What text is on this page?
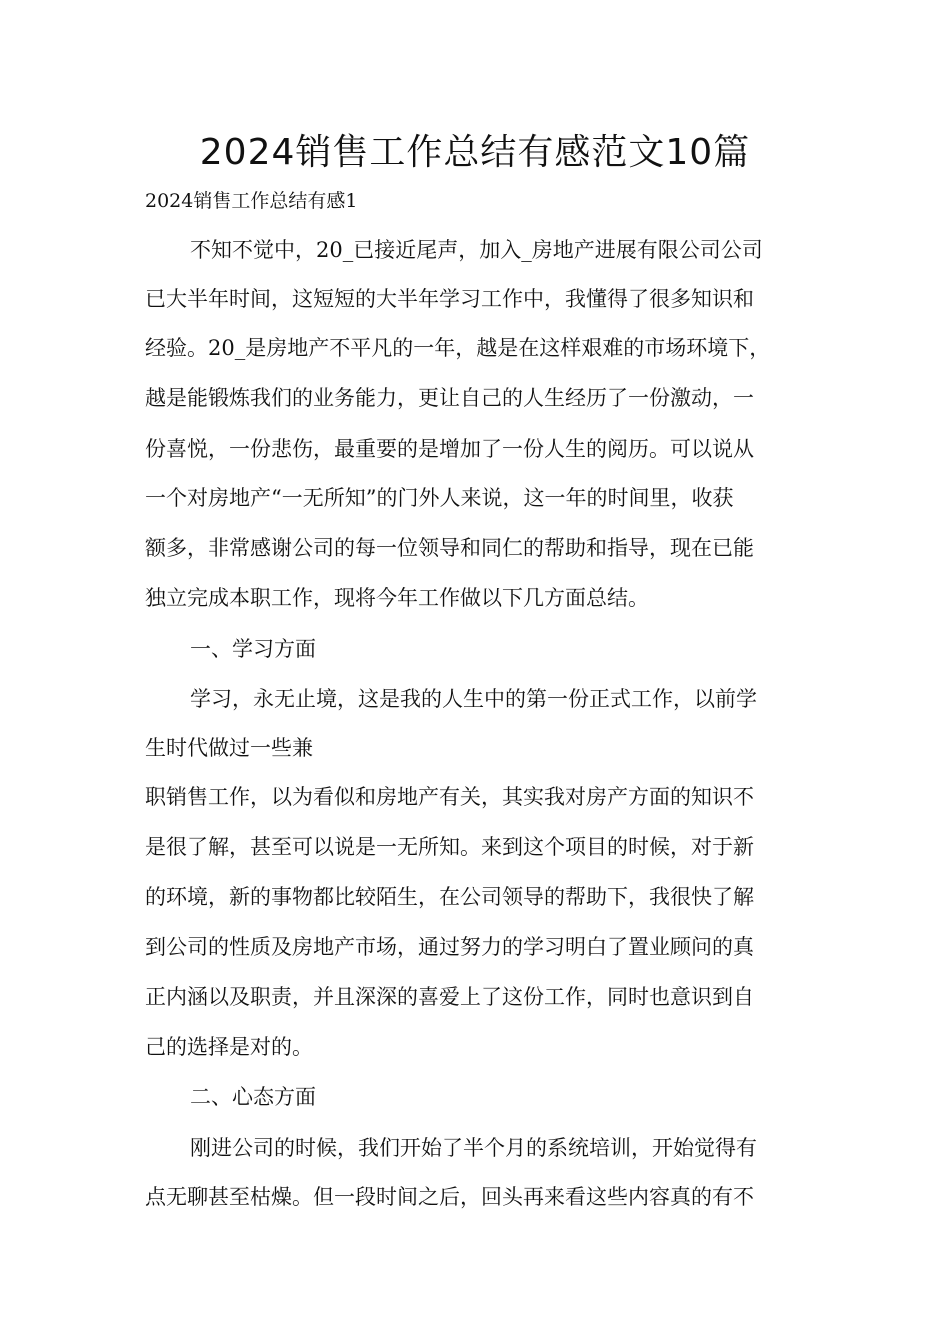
2024销售工作总结有感范文10篇
2024销售工作总结有感1
不知不觉中，20_已接近尾声，加入_房地产进展有限公司公司
已大半年时间，这短短的大半年学习工作中，我懂得了很多知识和
经验。20_是房地产不平凡的一年，越是在这样艰难的市场环境下，
越是能锻炼我们的业务能力，更让自己的人生经历了一份激动，一
份喜悦，一份悲伤，最重要的是增加了一份人生的阅历。可以说从
一个对房地产“一无所知”的门外人来说，这一年的时间里，收获
额多，非常感谢公司的每一位领导和同仁的帮助和指导，现在已能
独立完成本职工作，现将今年工作做以下几方面总结。
一、学习方面
学习，永无止境，这是我的人生中的第一份正式工作，以前学
生时代做过一些兼
职销售工作，以为看似和房地产有关，其实我对房产方面的知识不
是很了解，甚至可以说是一无所知。来到这个项目的时候，对于新
的环境，新的事物都比较陌生，在公司领导的帮助下，我很快了解
到公司的性质及房地产市场，通过努力的学习明白了置业顾问的真
正内涵以及职责，并且深深的喜爱上了这份工作，同时也意识到自
己的选择是对的。
二、心态方面
刚进公司的时候，我们开始了半个月的系统培训，开始觉得有
点无聊甚至枯燥。但一段时间之后，回头再来看这些内容真的有不
